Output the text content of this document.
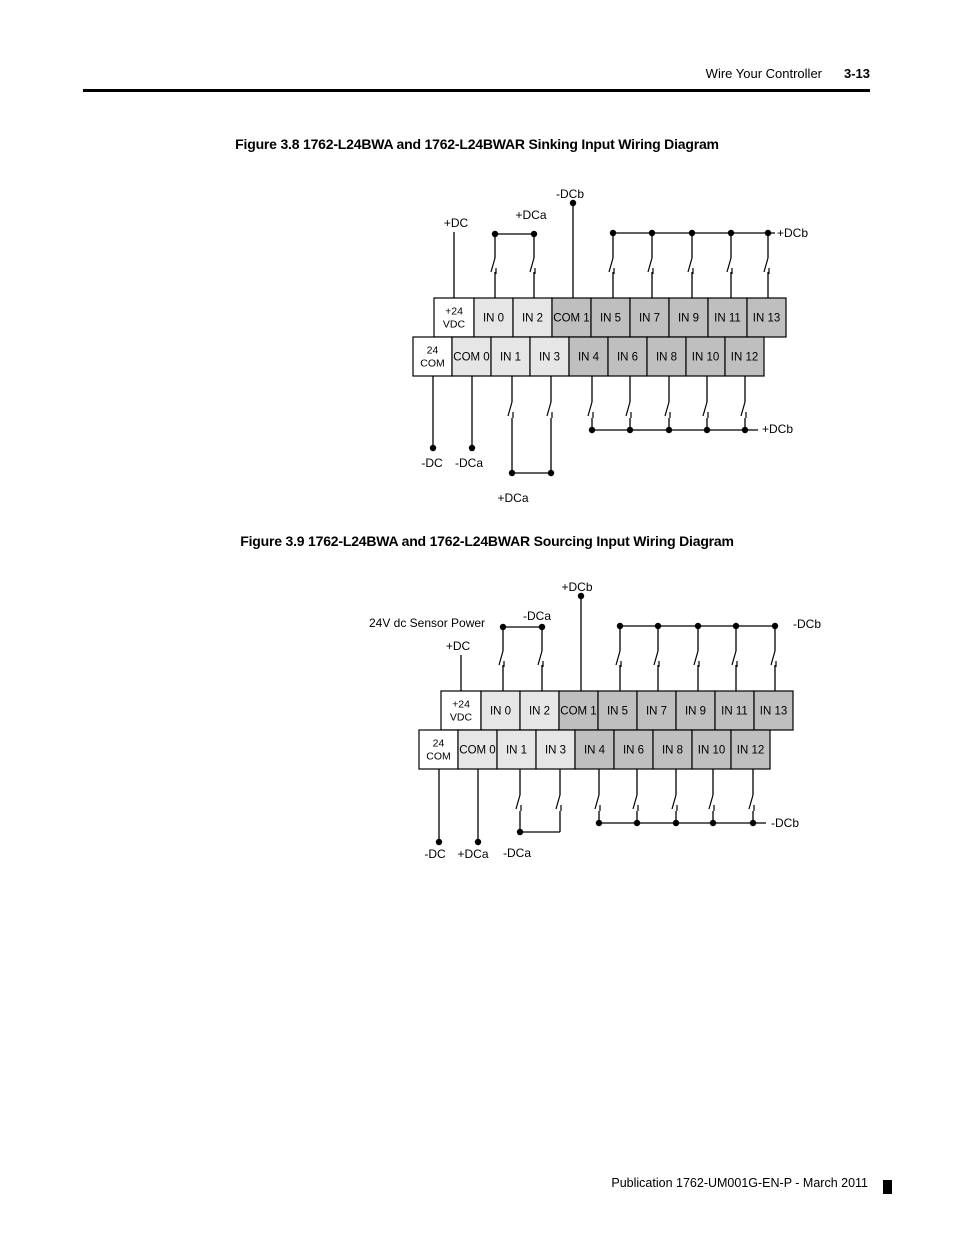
Wire Your Controller	3-13
Figure 3.8 1762-L24BWA and 1762-L24BWAR Sinking Input Wiring Diagram
+24
VDC IN 0 IN 2 COM 1 IN 5 IN 7 IN 9 IN 11 IN 13
24
COM COM 0 IN 1 IN 3 IN 4 IN 6 IN 8 IN 10 IN 12
+DC
+DCa
-DCb
+DCb
-DC -DCa
+DCa
+DCb
Figure 3.9 1762-L24BWA and 1762-L24BWAR Sourcing Input Wiring Diagram
+24
VDC IN 0 IN 2 COM 1 IN 5 IN 7 IN 9 IN 11 IN 13
24
COM COM 0 IN 1 IN 3 IN 4 IN 6 IN 8 IN 10 IN 12
+DC
24V dc Sensor Power	-DCa
+DCb
-DCb
-DC +DCa -DCa
-DCb
Publication 1762-UM001G-EN-P - March 2011
